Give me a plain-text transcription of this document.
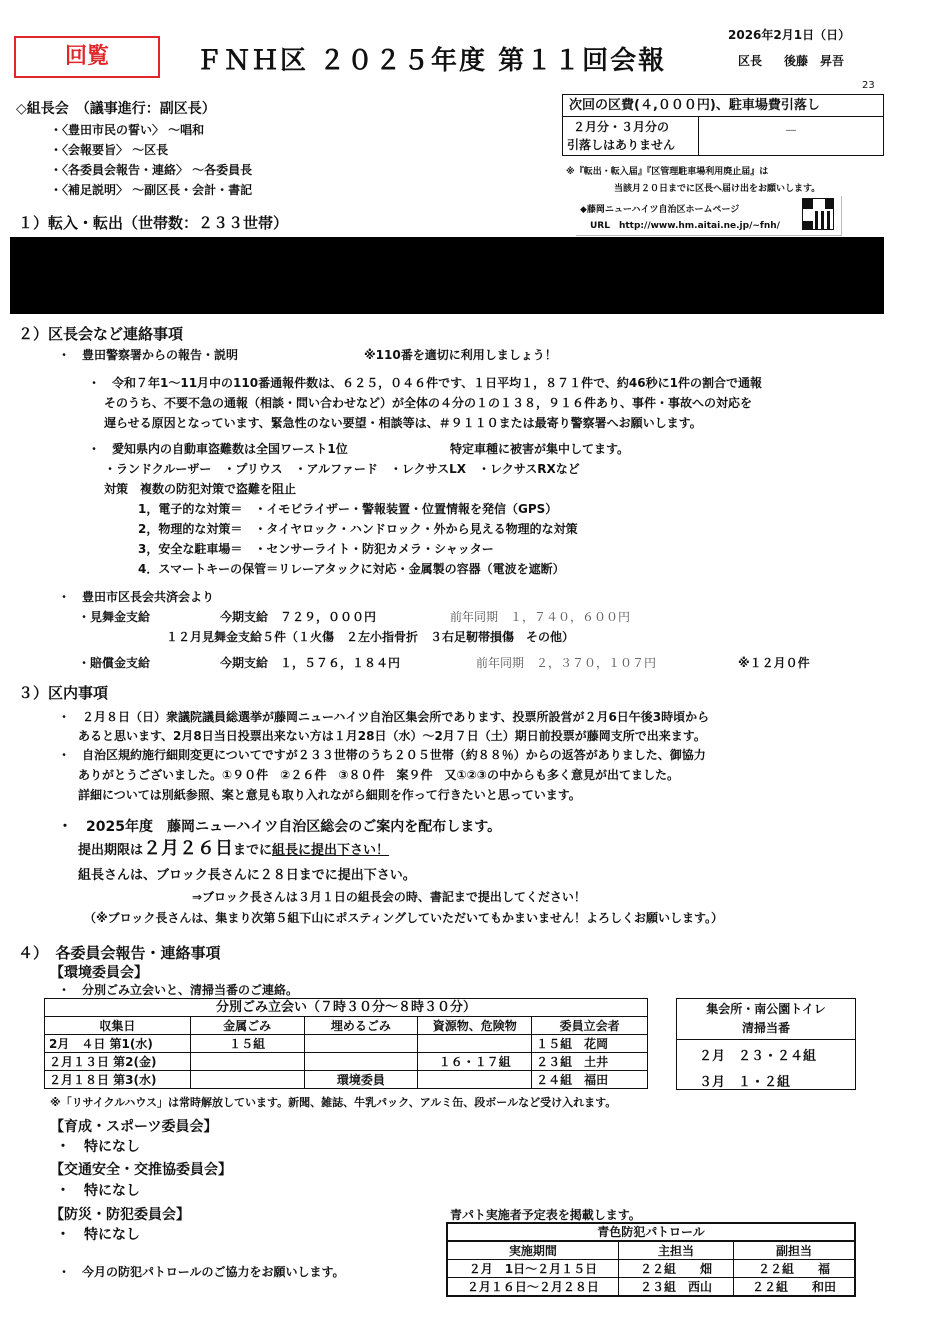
回覧	ＦＮＨ区 ２０２５年度 第１１回会報
2026年2月1日（日）
区長 後藤　昇吾
23
次回の区費(４,０００円)、駐車場費引落し
２月分・３月分の
引落しはありません
－
※『転出・転入届』『区管理駐車場利用廃止届』は
当該月２０日までに区長へ届け出をお願いします。
◆藤岡ニューハイツ自治区ホームページ
URL　http://www.hm.aitai.ne.jp/~fnh/
◇組長会　（議事進行：副区長）
・〈豊田市民の誓い〉 ～唱和
・〈会報要旨〉 ～区長
・〈各委員会報告・連絡〉 ～各委員長
・〈補足説明〉 ～副区長・会計・書記
１）転入・転出（世帯数：２３３世帯）
２）区長会など連絡事項
・　豊田警察署からの報告・説明	※110番を適切に利用しましょう！
・　令和７年1～11月中の110番通報件数は、６２５，０４６件です、１日平均１，８７１件で、約46秒に1件の割合で通報
そのうち、不要不急の通報（相談・問い合わせなど）が全体の４分の１の１３８，９１６件あり、事件・事故への対応を
遅らせる原因となっています、緊急性のない要望・相談等は、＃９１１０または最寄り警察署へお願いします。
・　愛知県内の自動車盗難数は全国ワースト1位	特定車種に被害が集中してます。
・ランドクルーザー　・プリウス　・アルファード　・レクサスLX　・レクサスRXなど
対策　複数の防犯対策で盗難を阻止
1，電子的な対策＝　・イモビライザー・警報装置・位置情報を発信（GPS）
2，物理的な対策＝　・タイヤロック・ハンドロック・外から見える物理的な対策
3，安全な駐車場＝　・センサーライト・防犯カメラ・シャッター
4．スマートキーの保管＝リレーアタックに対応・金属製の容器（電波を遮断）
・　豊田市区長会共済会より
・見舞金支給	今期支給　７２９，０００円	前年同期　１，７４０，６００円
１２月見舞金支給５件（１火傷　２左小指骨折　３右足靭帯損傷　その他）
・賠償金支給	今期支給　１，５７６，１８４円	前年同期　２，３７０，１０７円	※１２月０件
３）区内事項
・　２月８日（日）衆議院議員総選挙が藤岡ニューハイツ自治区集会所であります、投票所設営が２月6日午後3時頃から
あると思います、2月8日当日投票出来ない方は１月28日（水）～2月７日（土）期日前投票が藤岡支所で出来ます。
・　自治区規約施行細則変更についてですが２３３世帯のうち２０５世帯（約８８％）からの返答がありました、御協力
ありがとうございました。①９０件　②２６件　③８０件　案９件　又①②③の中からも多く意見が出てました。
詳細については別紙参照、案と意見も取り入れながら細則を作って行きたいと思っています。
・　2025年度　藤岡ニューハイツ自治区総会のご案内を配布します。
提出期限は ２月２６日 までに 組長に提出下さい！
組長さんは、ブロック長さんに２８日までに提出下さい。
⇒ブロック長さんは３月１日の組長会の時、書記まで提出してください！
（※ブロック長さんは、集まり次第５組下山にポスティングしていただいてもかまいません！よろしくお願いします。）
４）　各委員会報告・連絡事項
【環境委員会】
・　分別ごみ立会いと、清掃当番のご連絡。
分別ごみ立会い（７時３０分～８時３０分）
収集日	金属ごみ	埋めるごみ	資源物、危険物	委員立会者
2月　４日 第1(水)	１５組			１５組　花岡
２月１３日 第2(金)			１６・１７組	２３組　土井
２月１８日 第3(水)		環境委員		２４組　福田
集会所・南公園トイレ
清掃当番
２月　２３・２４組
３月　１・２組
※「リサイクルハウス」は常時解放しています。新聞、雑誌、牛乳パック、アルミ缶、段ボールなど受け入れます。
【育成・スポーツ委員会】
・　特になし
【交通安全・交推協委員会】
・　特になし
【防災・防犯委員会】
・　特になし
・　今月の防犯パトロールのご協力をお願いします。
青パト実施者予定表を掲載します。
青色防犯パトロール
実施期間	主担当	副担当
２月　1日～２月１５日	２２組　　畑	２２組　　福
２月１６日～２月２８日	２３組　西山	２２組　　和田
